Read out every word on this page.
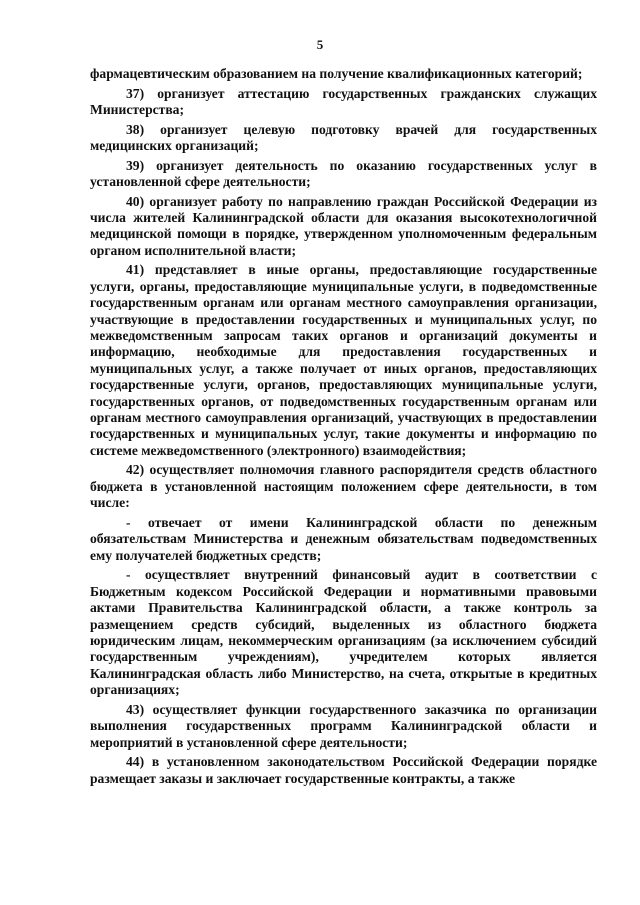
5

фармацевтическим образованием на получение квалификационных категорий;

37) организует аттестацию государственных гражданских служащих Министерства;

38) организует целевую подготовку врачей для государственных медицинских организаций;

39) организует деятельность по оказанию государственных услуг в установленной сфере деятельности;

40) организует работу по направлению граждан Российской Федерации из числа жителей Калининградской области для оказания высокотехнологичной медицинской помощи в порядке, утвержденном уполномоченным федеральным органом исполнительной власти;

41) представляет в иные органы, предоставляющие государственные услуги, органы, предоставляющие муниципальные услуги, в подведомственные государственным органам или органам местного самоуправления организации, участвующие в предоставлении государственных и муниципальных услуг, по межведомственным запросам таких органов и организаций документы и информацию, необходимые для предоставления государственных и муниципальных услуг, а также получает от иных органов, предоставляющих государственные услуги, органов, предоставляющих муниципальные услуги, государственных органов, от подведомственных государственным органам или органам местного самоуправления организаций, участвующих в предоставлении государственных и муниципальных услуг, такие документы и информацию по системе межведомственного (электронного) взаимодействия;

42) осуществляет полномочия главного распорядителя средств областного бюджета в установленной настоящим положением сфере деятельности, в том числе:

- отвечает от имени Калининградской области по денежным обязательствам Министерства и денежным обязательствам подведомственных ему получателей бюджетных средств;

- осуществляет внутренний финансовый аудит в соответствии с Бюджетным кодексом Российской Федерации и нормативными правовыми актами Правительства Калининградской области, а также контроль за размещением средств субсидий, выделенных из областного бюджета юридическим лицам, некоммерческим организациям (за исключением субсидий государственным учреждениям), учредителем которых является Калининградская область либо Министерство, на счета, открытые в кредитных организациях;

43) осуществляет функции государственного заказчика по организации выполнения государственных программ Калининградской области и мероприятий в установленной сфере деятельности;

44) в установленном законодательством Российской Федерации порядке размещает заказы и заключает государственные контракты, а также
